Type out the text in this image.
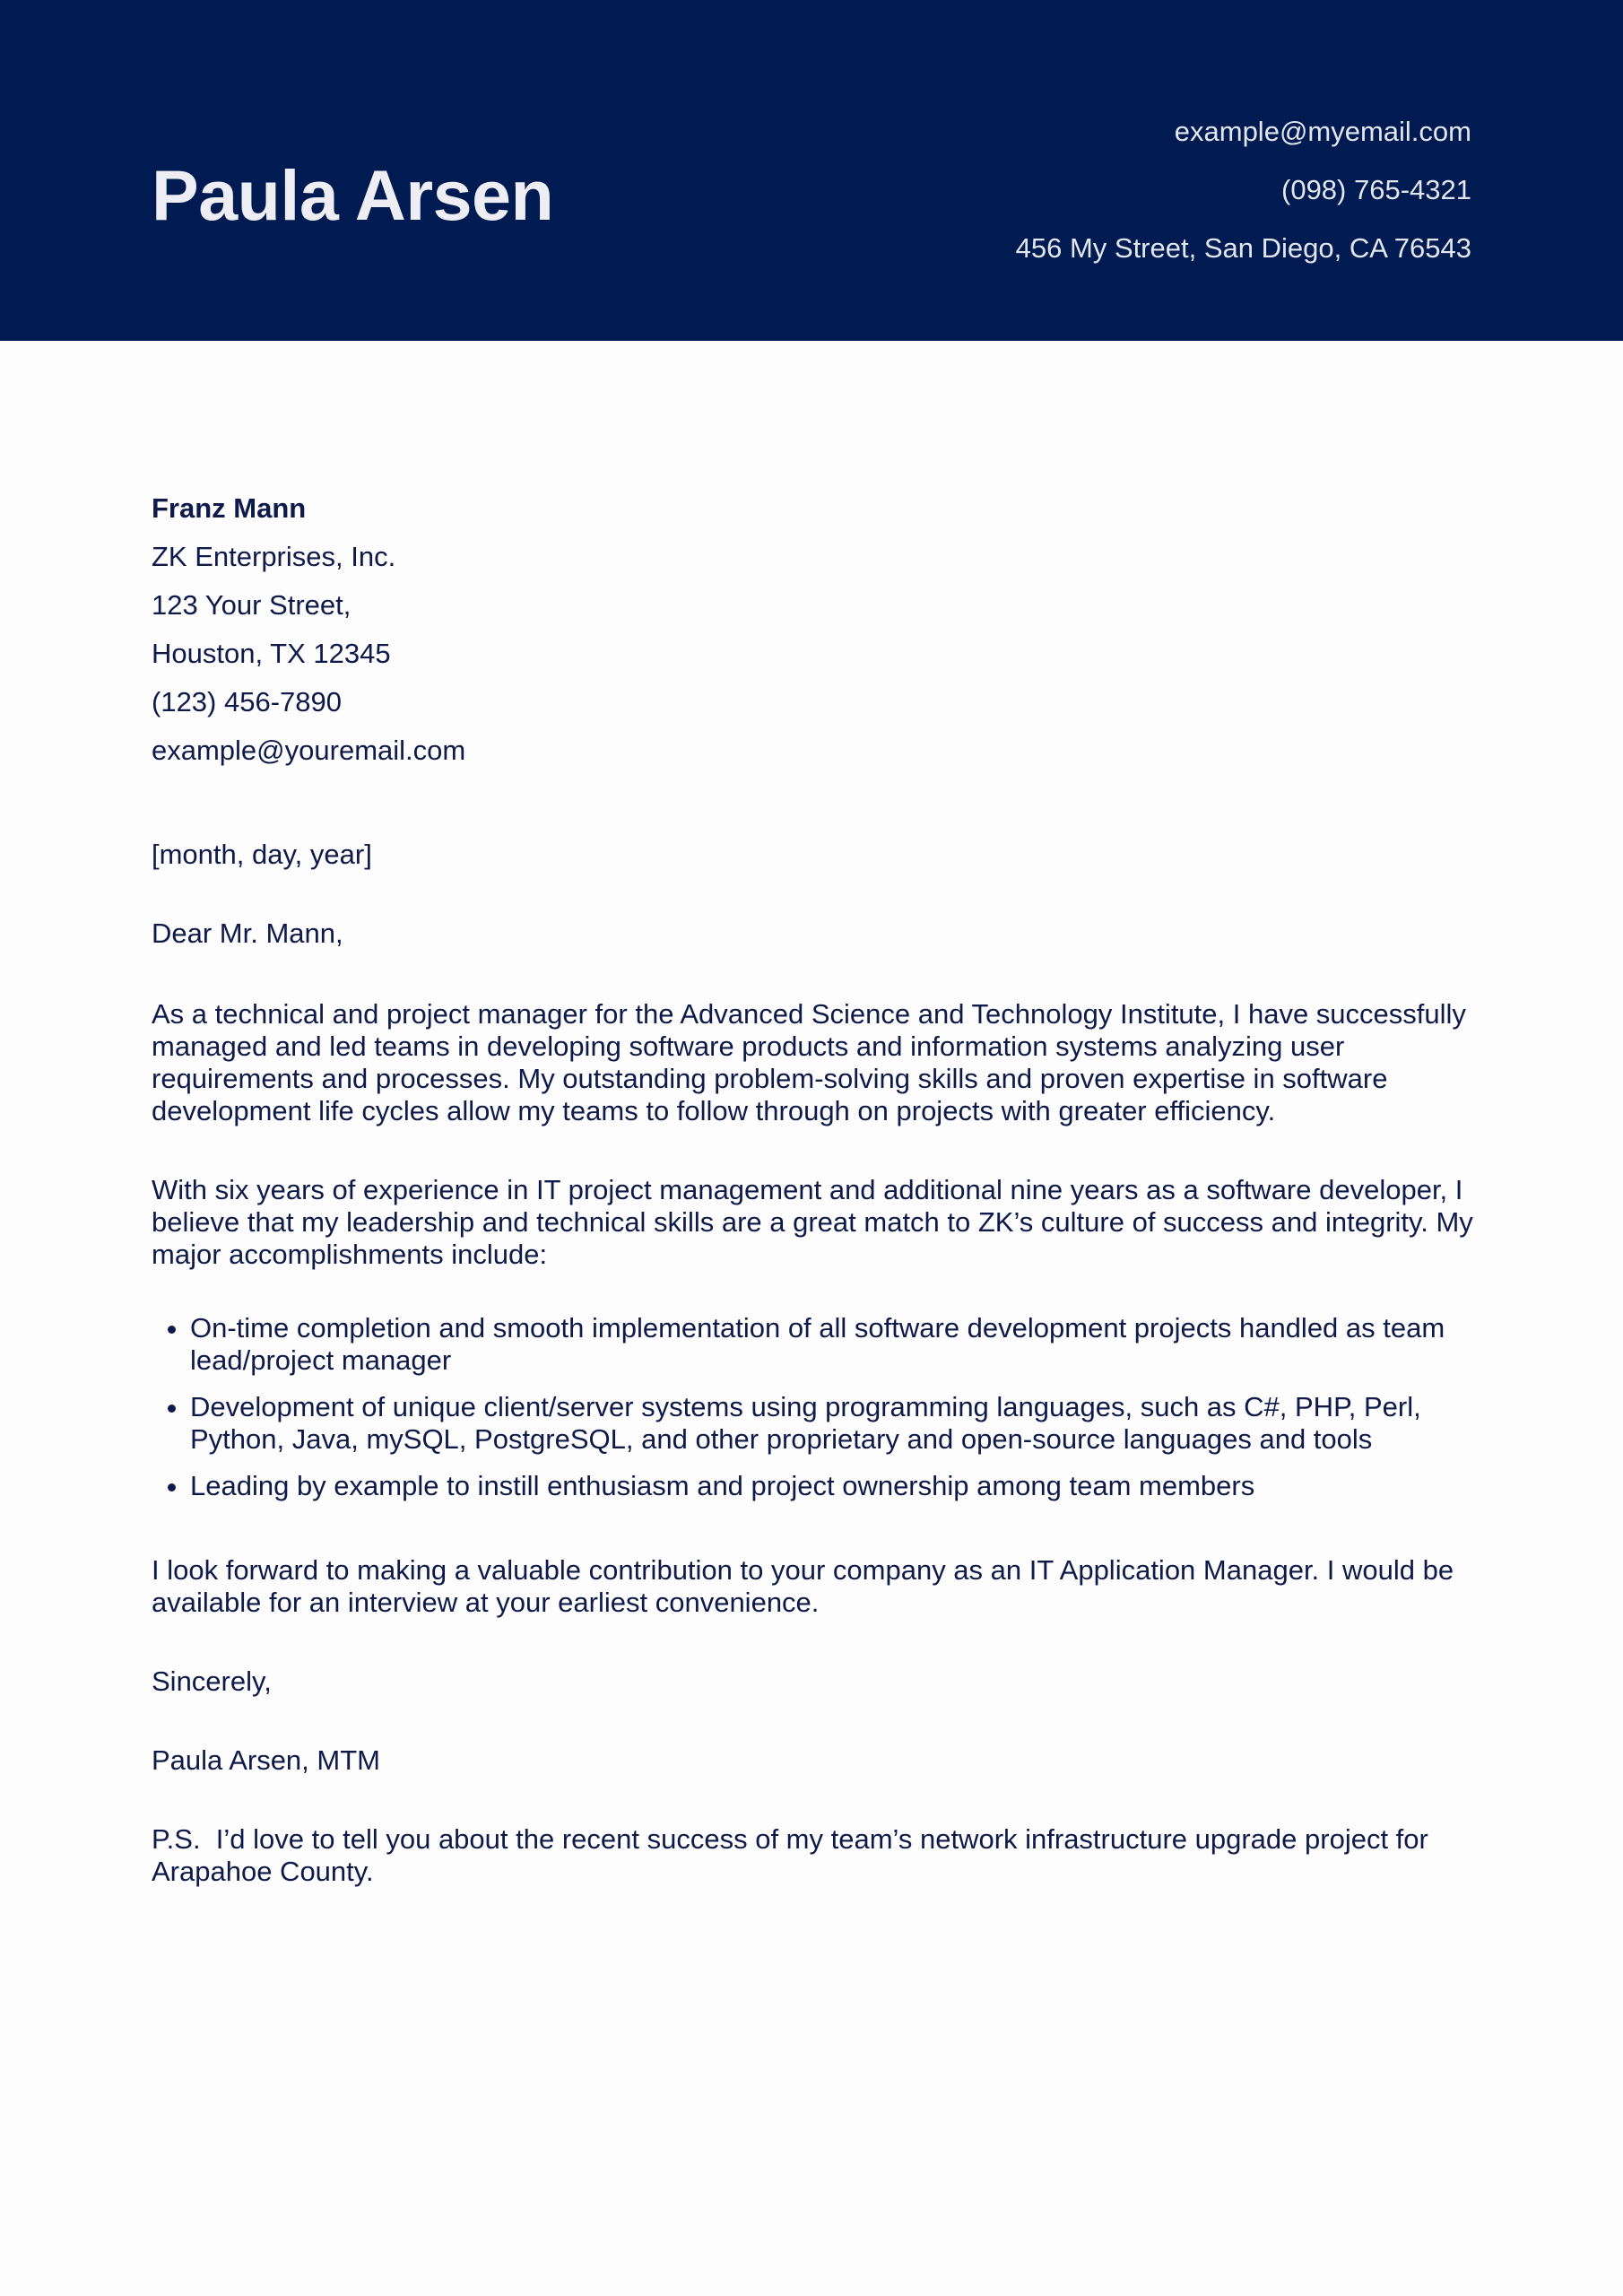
Paula Arsen
example@myemail.com
(098) 765-4321
456 My Street, San Diego, CA 76543
Franz Mann
ZK Enterprises, Inc.
123 Your Street,
Houston, TX 12345
(123) 456-7890
example@youremail.com

[month, day, year]

Dear Mr. Mann,

As a technical and project manager for the Advanced Science and Technology Institute, I have successfully managed and led teams in developing software products and information systems analyzing user requirements and processes. My outstanding problem-solving skills and proven expertise in software development life cycles allow my teams to follow through on projects with greater efficiency.

With six years of experience in IT project management and additional nine years as a software developer, I believe that my leadership and technical skills are a great match to ZK’s culture of success and integrity. My major accomplishments include:

• On-time completion and smooth implementation of all software development projects handled as team lead/project manager
• Development of unique client/server systems using programming languages, such as C#, PHP, Perl, Python, Java, mySQL, PostgreSQL, and other proprietary and open-source languages and tools
• Leading by example to instill enthusiasm and project ownership among team members

I look forward to making a valuable contribution to your company as an IT Application Manager. I would be available for an interview at your earliest convenience.

Sincerely,

Paula Arsen, MTM

P.S.  I’d love to tell you about the recent success of my team’s network infrastructure upgrade project for Arapahoe County.
